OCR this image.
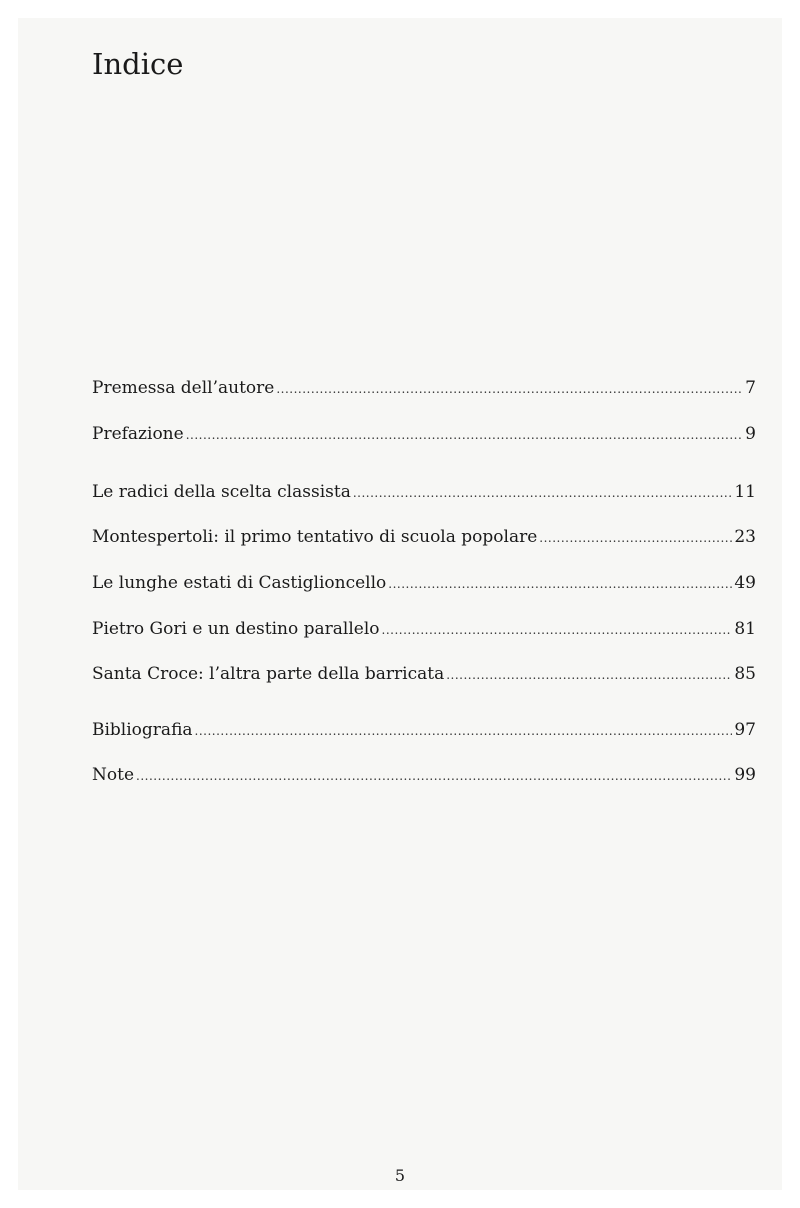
Indice
Premessa dell’autore .....	7
Prefazione .....	9
Le radici della scelta classista .....	11
Montespertoli: il primo tentativo di scuola popolare .....	23
Le lunghe estati di Castiglioncello .....	49
Pietro Gori e un destino parallelo .....	81
Santa Croce: l’altra parte della barricata .....	85
Bibliografia .....	97
Note .....	99
5
